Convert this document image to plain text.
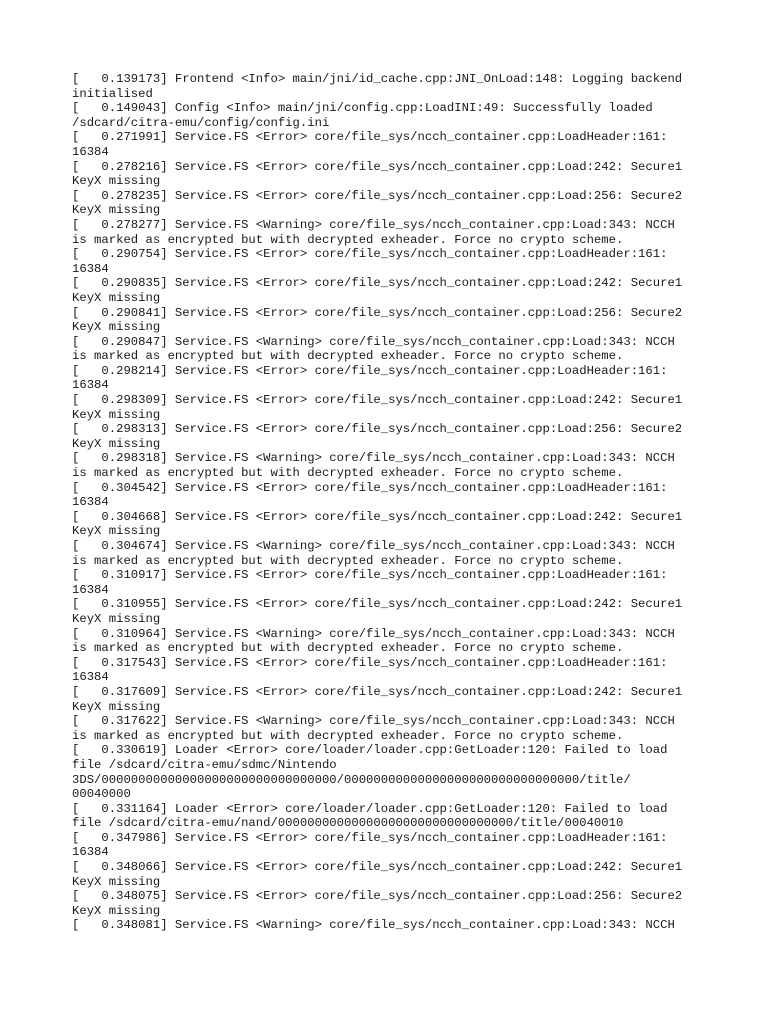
[   0.139173] Frontend <Info> main/jni/id_cache.cpp:JNI_OnLoad:148: Logging backend
initialised
[   0.149043] Config <Info> main/jni/config.cpp:LoadINI:49: Successfully loaded
/sdcard/citra-emu/config/config.ini
[   0.271991] Service.FS <Error> core/file_sys/ncch_container.cpp:LoadHeader:161:
16384
[   0.278216] Service.FS <Error> core/file_sys/ncch_container.cpp:Load:242: Secure1
KeyX missing
[   0.278235] Service.FS <Error> core/file_sys/ncch_container.cpp:Load:256: Secure2
KeyX missing
[   0.278277] Service.FS <Warning> core/file_sys/ncch_container.cpp:Load:343: NCCH
is marked as encrypted but with decrypted exheader. Force no crypto scheme.
[   0.290754] Service.FS <Error> core/file_sys/ncch_container.cpp:LoadHeader:161:
16384
[   0.290835] Service.FS <Error> core/file_sys/ncch_container.cpp:Load:242: Secure1
KeyX missing
[   0.290841] Service.FS <Error> core/file_sys/ncch_container.cpp:Load:256: Secure2
KeyX missing
[   0.290847] Service.FS <Warning> core/file_sys/ncch_container.cpp:Load:343: NCCH
is marked as encrypted but with decrypted exheader. Force no crypto scheme.
[   0.298214] Service.FS <Error> core/file_sys/ncch_container.cpp:LoadHeader:161:
16384
[   0.298309] Service.FS <Error> core/file_sys/ncch_container.cpp:Load:242: Secure1
KeyX missing
[   0.298313] Service.FS <Error> core/file_sys/ncch_container.cpp:Load:256: Secure2
KeyX missing
[   0.298318] Service.FS <Warning> core/file_sys/ncch_container.cpp:Load:343: NCCH
is marked as encrypted but with decrypted exheader. Force no crypto scheme.
[   0.304542] Service.FS <Error> core/file_sys/ncch_container.cpp:LoadHeader:161:
16384
[   0.304668] Service.FS <Error> core/file_sys/ncch_container.cpp:Load:242: Secure1
KeyX missing
[   0.304674] Service.FS <Warning> core/file_sys/ncch_container.cpp:Load:343: NCCH
is marked as encrypted but with decrypted exheader. Force no crypto scheme.
[   0.310917] Service.FS <Error> core/file_sys/ncch_container.cpp:LoadHeader:161:
16384
[   0.310955] Service.FS <Error> core/file_sys/ncch_container.cpp:Load:242: Secure1
KeyX missing
[   0.310964] Service.FS <Warning> core/file_sys/ncch_container.cpp:Load:343: NCCH
is marked as encrypted but with decrypted exheader. Force no crypto scheme.
[   0.317543] Service.FS <Error> core/file_sys/ncch_container.cpp:LoadHeader:161:
16384
[   0.317609] Service.FS <Error> core/file_sys/ncch_container.cpp:Load:242: Secure1
KeyX missing
[   0.317622] Service.FS <Warning> core/file_sys/ncch_container.cpp:Load:343: NCCH
is marked as encrypted but with decrypted exheader. Force no crypto scheme.
[   0.330619] Loader <Error> core/loader/loader.cpp:GetLoader:120: Failed to load
file /sdcard/citra-emu/sdmc/Nintendo
3DS/00000000000000000000000000000000/00000000000000000000000000000000/title/
00040000
[   0.331164] Loader <Error> core/loader/loader.cpp:GetLoader:120: Failed to load
file /sdcard/citra-emu/nand/00000000000000000000000000000000/title/00040010
[   0.347986] Service.FS <Error> core/file_sys/ncch_container.cpp:LoadHeader:161:
16384
[   0.348066] Service.FS <Error> core/file_sys/ncch_container.cpp:Load:242: Secure1
KeyX missing
[   0.348075] Service.FS <Error> core/file_sys/ncch_container.cpp:Load:256: Secure2
KeyX missing
[   0.348081] Service.FS <Warning> core/file_sys/ncch_container.cpp:Load:343: NCCH
